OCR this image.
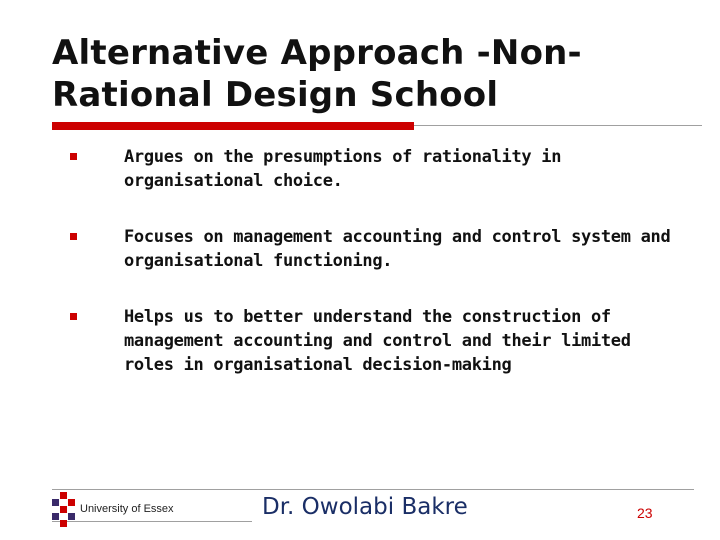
Alternative Approach -Non-Rational Design School
Argues on the presumptions of rationality in organisational choice.
Focuses on management accounting and control system and organisational functioning.
Helps us to better understand the construction of management accounting and control and their limited roles in organisational decision-making
University of Essex	Dr. Owolabi Bakre	23
